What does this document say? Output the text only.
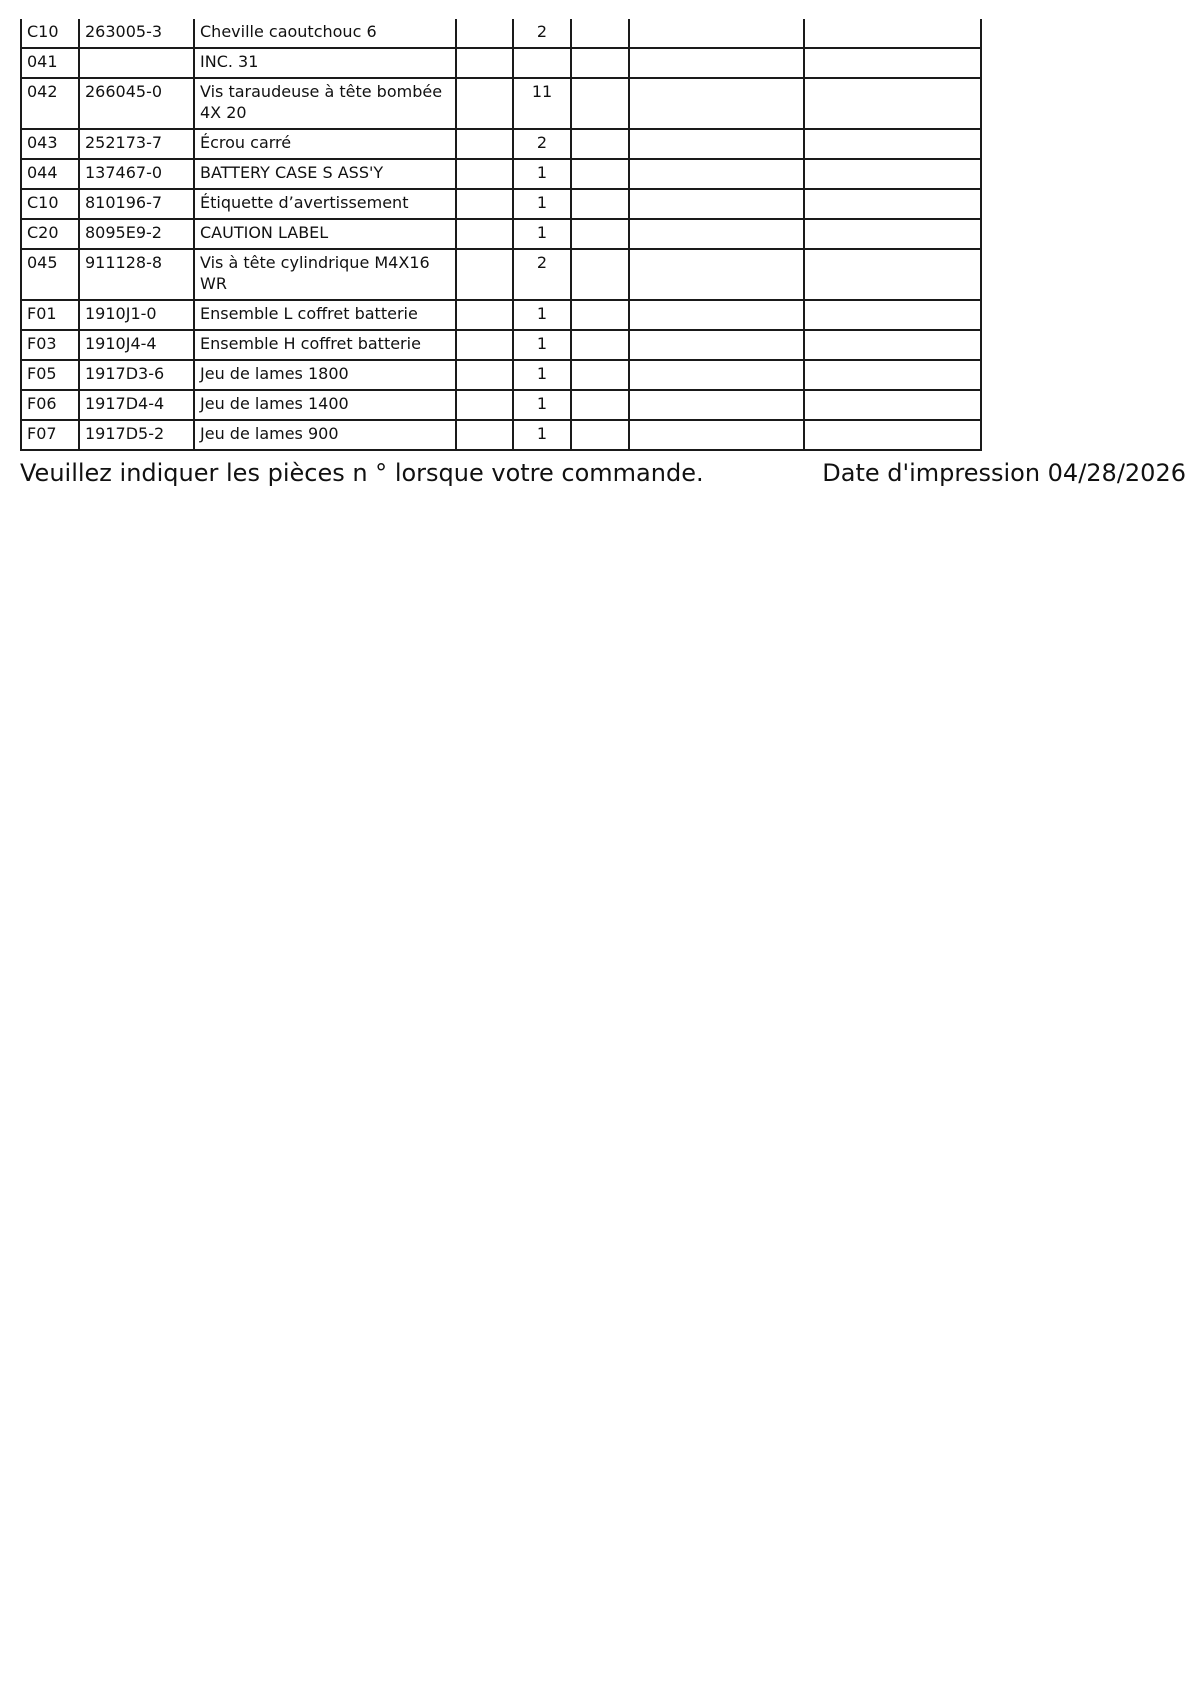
C10	263005-3	Cheville caoutchouc 6		2			
041		INC. 31					
042	266045-0	Vis taraudeuse à tête bombée 4X 20		11			
043	252173-7	Écrou carré		2			
044	137467-0	BATTERY CASE S ASS'Y		1			
C10	810196-7	Étiquette d’avertissement		1			
C20	8095E9-2	CAUTION LABEL		1			
045	911128-8	Vis à tête cylindrique M4X16 WR		2			
F01	1910J1-0	Ensemble L coffret batterie		1			
F03	1910J4-4	Ensemble H coffret batterie		1			
F05	1917D3-6	Jeu de lames 1800		1			
F06	1917D4-4	Jeu de lames 1400		1			
F07	1917D5-2	Jeu de lames 900		1			
Veuillez indiquer les pièces n ° lorsque votre commande.	Date d'impression 04/28/2026
